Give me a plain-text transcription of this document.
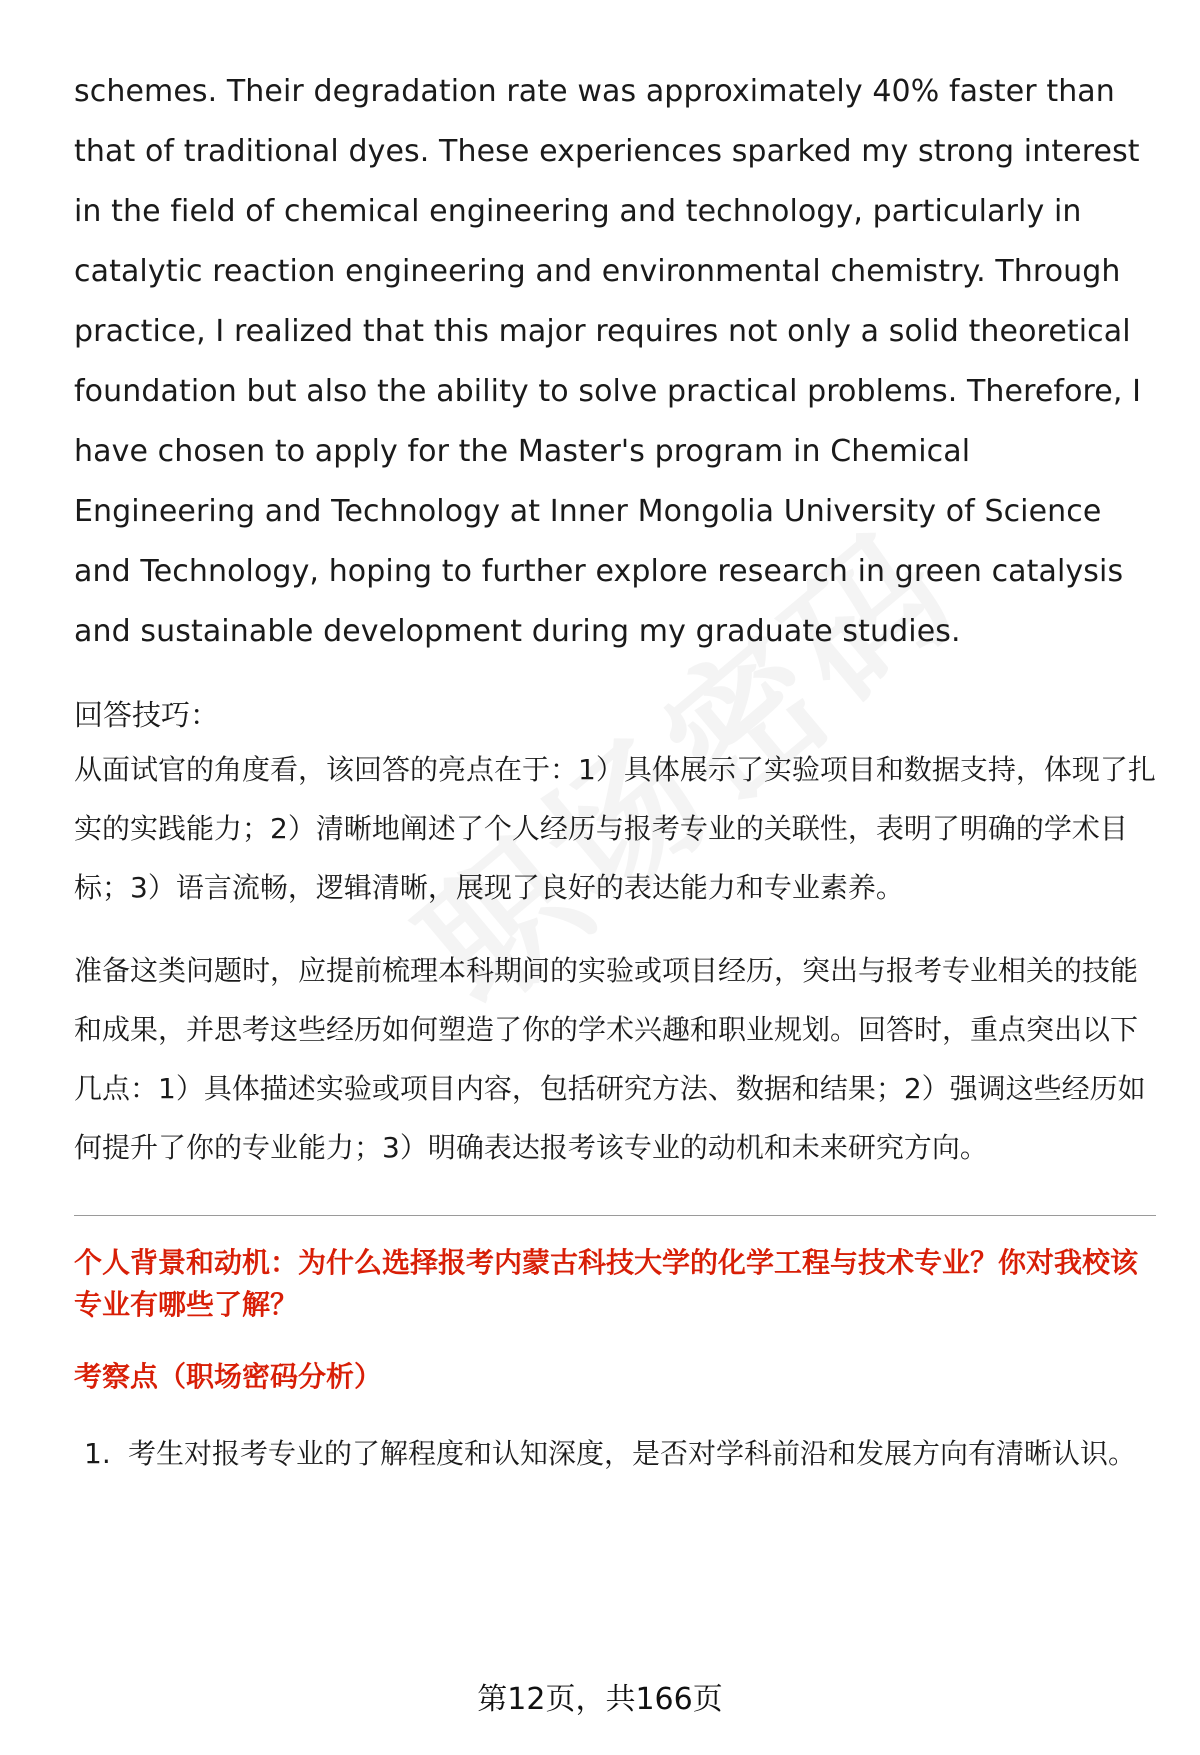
schemes. Their degradation rate was approximately 40% faster than that of traditional dyes. These experiences sparked my strong interest in the field of chemical engineering and technology, particularly in catalytic reaction engineering and environmental chemistry. Through practice, I realized that this major requires not only a solid theoretical foundation but also the ability to solve practical problems. Therefore, I have chosen to apply for the Master's program in Chemical Engineering and Technology at Inner Mongolia University of Science and Technology, hoping to further explore research in green catalysis and sustainable development during my graduate studies.

回答技巧：

从面试官的角度看，该回答的亮点在于：1）具体展示了实验项目和数据支持，体现了扎实的实践能力；2）清晰地阐述了个人经历与报考专业的关联性，表明了明确的学术目标；3）语言流畅，逻辑清晰，展现了良好的表达能力和专业素养。

准备这类问题时，应提前梳理本科期间的实验或项目经历，突出与报考专业相关的技能和成果，并思考这些经历如何塑造了你的学术兴趣和职业规划。回答时，重点突出以下几点：1）具体描述实验或项目内容，包括研究方法、数据和结果；2）强调这些经历如何提升了你的专业能力；3）明确表达报考该专业的动机和未来研究方向。

个人背景和动机：为什么选择报考内蒙古科技大学的化学工程与技术专业？你对我校该专业有哪些了解？

考察点（职场密码分析）

1. 考生对报考专业的了解程度和认知深度，是否对学科前沿和发展方向有清晰认识。
第12页，共166页
